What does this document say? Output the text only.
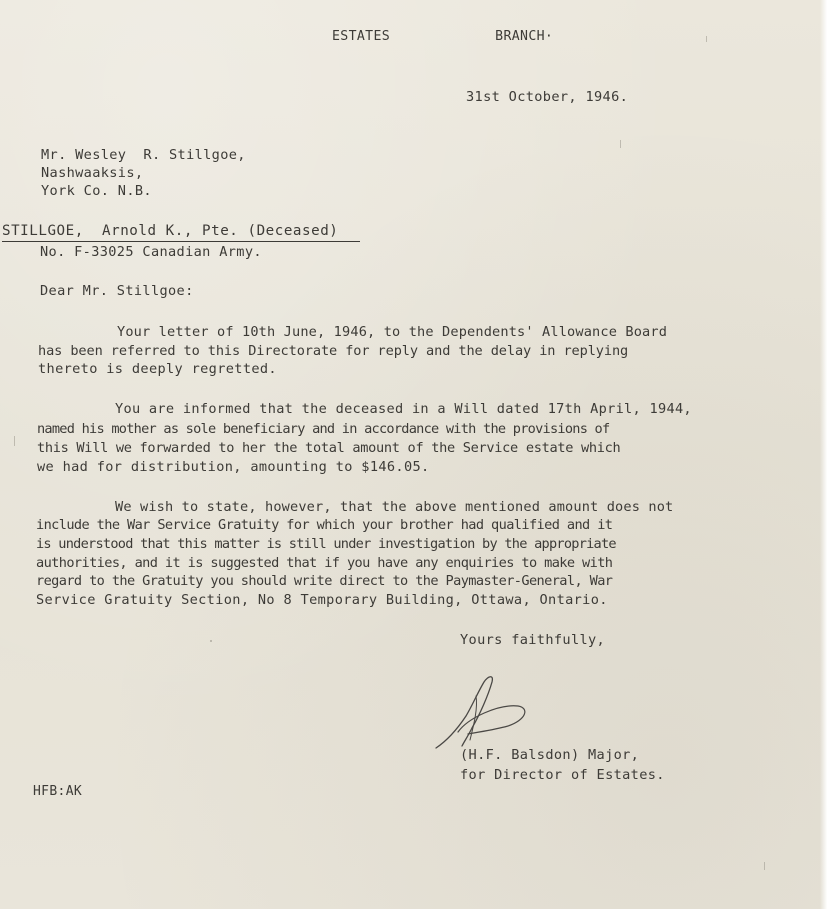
ESTATES    BRANCH·
31st October, 1946.
Mr. Wesley  R. Stillgoe,
Nashwaaksis,
York Co. N.B.
STILLGOE,  Arnold K., Pte. (Deceased)
No. F-33025 Canadian Army.
Dear Mr. Stillgoe:
Your letter of 10th June, 1946, to the Dependents' Allowance Board
has been referred to this Directorate for reply and the delay in replying
thereto is deeply regretted.
You are informed that the deceased in a Will dated 17th April, 1944,
named his mother as sole beneficiary and in accordance with the provisions of
this Will we forwarded to her the total amount of the Service estate which
we had for distribution, amounting to $146.05.
We wish to state, however, that the above mentioned amount does not
include the War Service Gratuity for which your brother had qualified and it
is understood that this matter is still under investigation by the appropriate
authorities, and it is suggested that if you have any enquiries to make with
regard to the Gratuity you should write direct to the Paymaster-General, War
Service Gratuity Section, No 8 Temporary Building, Ottawa, Ontario.
Yours faithfully,
(H.F. Balsdon) Major,
for Director of Estates.
HFB:AK
